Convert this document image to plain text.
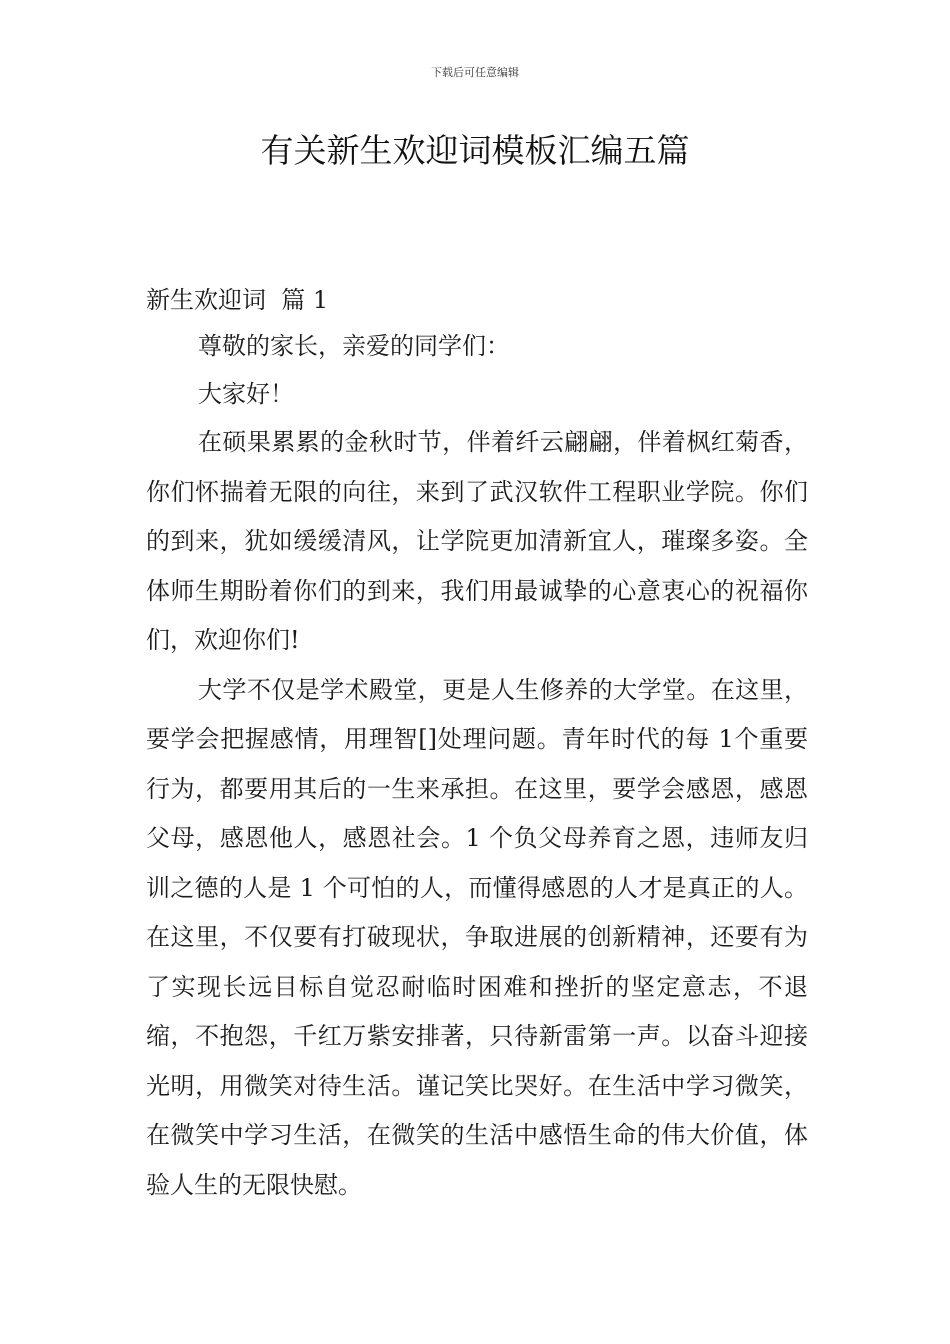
下载后可任意编辑
有关新生欢迎词模板汇编五篇
新生欢迎词  篇 1

尊敬的家长，亲爱的同学们：

大家好！

在硕果累累的金秋时节，伴着纤云翩翩，伴着枫红菊香，你们怀揣着无限的向往，来到了武汉软件工程职业学院。你们的到来，犹如缓缓清风，让学院更加清新宜人，璀璨多姿。全体师生期盼着你们的到来，我们用最诚挚的心意衷心的祝福你们，欢迎你们!

大学不仅是学术殿堂，更是人生修养的大学堂。在这里，要学会把握感情，用理智[]处理问题。青年时代的每 1个重要行为，都要用其后的一生来承担。在这里，要学会感恩，感恩父母，感恩他人，感恩社会。1 个负父母养育之恩，违师友归训之德的人是 1 个可怕的人，而懂得感恩的人才是真正的人。在这里，不仅要有打破现状，争取进展的创新精神，还要有为了实现长远目标自觉忍耐临时困难和挫折的坚定意志，不退缩，不抱怨，千红万紫安排著，只待新雷第一声。以奋斗迎接光明，用微笑对待生活。谨记笑比哭好。在生活中学习微笑，在微笑中学习生活，在微笑的生活中感悟生命的伟大价值，体验人生的无限快慰。
